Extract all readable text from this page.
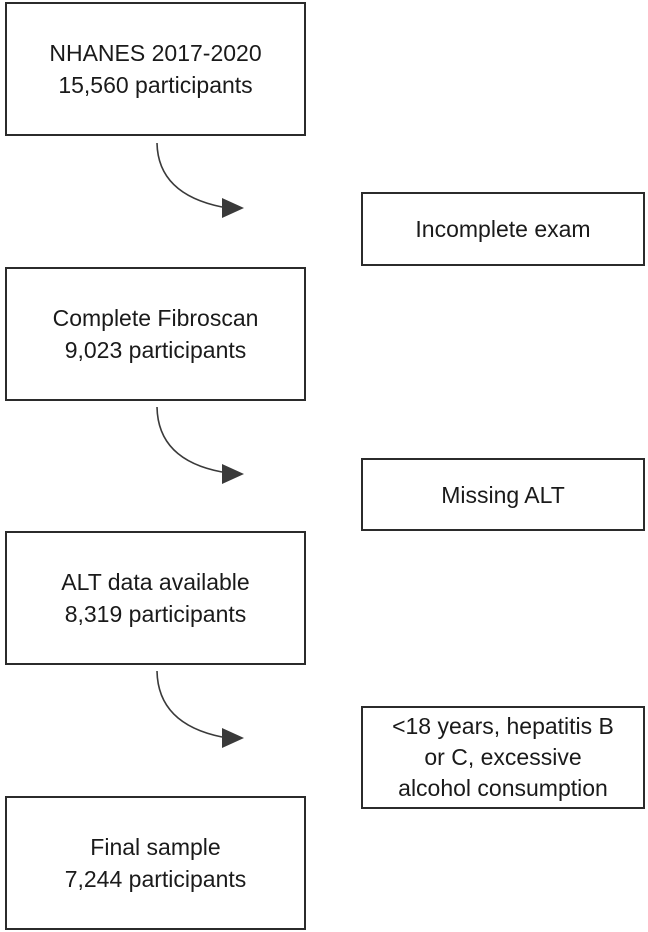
NHANES 2017-2020
15,560 participants
Incomplete exam
Complete Fibroscan
9,023 participants
Missing ALT
ALT data available
8,319 participants
<18 years, hepatitis B
or C, excessive
alcohol consumption
Final sample
7,244 participants
